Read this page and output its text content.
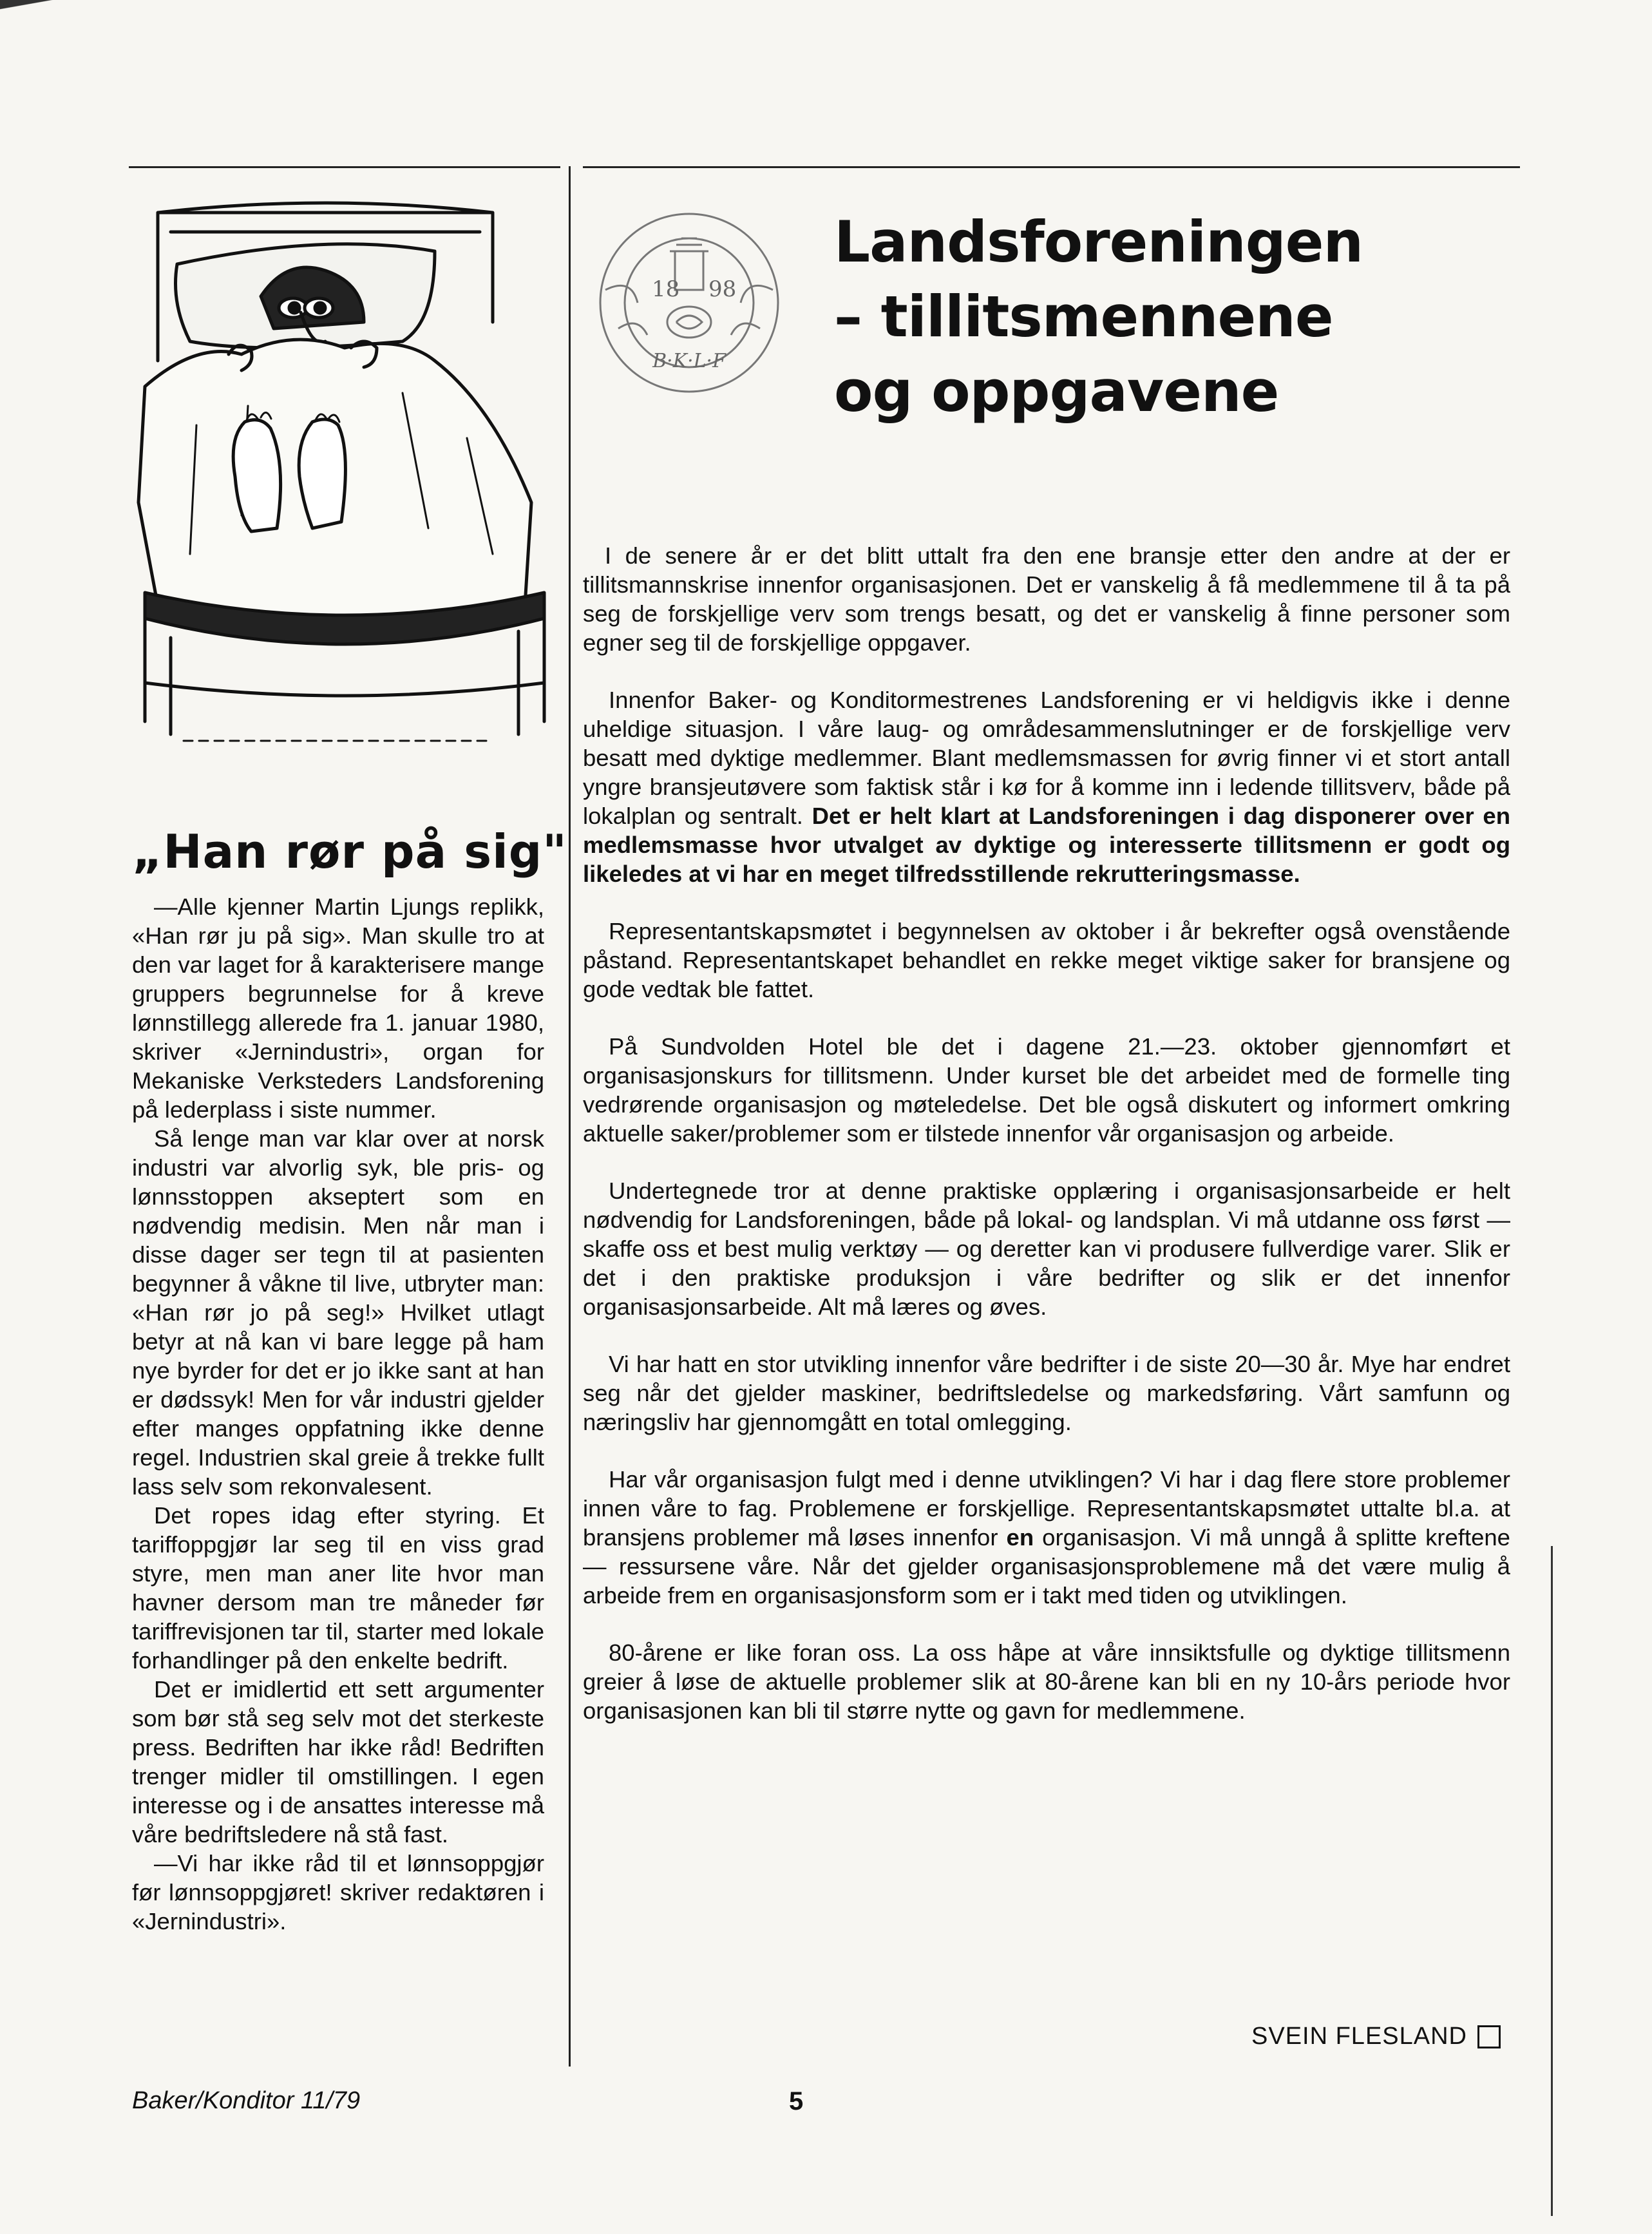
„Han rør på sig"

—Alle kjenner Martin Ljungs replikk, «Han rør ju på sig». Man skulle tro at den var laget for å karakterisere mange gruppers begrunnelse for å kreve lønnstillegg allerede fra 1. januar 1980, skriver «Jernindustri», organ for Mekaniske Verksteders Landsforening på lederplass i siste nummer.

Så lenge man var klar over at norsk industri var alvorlig syk, ble pris- og lønnsstoppen akseptert som en nødvendig medisin. Men når man i disse dager ser tegn til at pasienten begynner å våkne til live, utbryter man: «Han rør jo på seg!» Hvilket utlagt betyr at nå kan vi bare legge på ham nye byrder for det er jo ikke sant at han er dødssyk! Men for vår industri gjelder efter manges oppfatning ikke denne regel. Industrien skal greie å trekke fullt lass selv som rekonvalesent.

Det ropes idag efter styring. Et tariffoppgjør lar seg til en viss grad styre, men man aner lite hvor man havner dersom man tre måneder før tariffrevisjonen tar til, starter med lokale forhandlinger på den enkelte bedrift.

Det er imidlertid ett sett argumenter som bør stå seg selv mot det sterkeste press. Bedriften har ikke råd! Bedriften trenger midler til omstillingen. I egen interesse og i de ansattes interesse må våre bedriftsledere nå stå fast.

—Vi har ikke råd til et lønnsoppgjør før lønnsoppgjøret! skriver redaktøren i «Jernindustri».

18 98
B·K·L·F
Landsforeningen
– tillitsmennene
og oppgavene

I de senere år er det blitt uttalt fra den ene bransje etter den andre at der er tillitsmannskrise innenfor organisasjonen. Det er vanskelig å få medlemmene til å ta på seg de forskjellige verv som trengs besatt, og det er vanskelig å finne personer som egner seg til de forskjellige oppgaver.

Innenfor Baker- og Konditormestrenes Landsforening er vi heldigvis ikke i denne uheldige situasjon. I våre laug- og områdesammenslutninger er de forskjellige verv besatt med dyktige medlemmer. Blant medlemsmassen for øvrig finner vi et stort antall yngre bransjeutøvere som faktisk står i kø for å komme inn i ledende tillitsverv, både på lokalplan og sentralt. Det er helt klart at Landsforeningen i dag disponerer over en medlemsmasse hvor utvalget av dyktige og interesserte tillitsmenn er godt og likeledes at vi har en meget tilfredsstillende rekrutteringsmasse.

Representantskapsmøtet i begynnelsen av oktober i år bekrefter også ovenstående påstand. Representantskapet behandlet en rekke meget viktige saker for bransjene og gode vedtak ble fattet.

På Sundvolden Hotel ble det i dagene 21.—23. oktober gjennomført et organisasjonskurs for tillitsmenn. Under kurset ble det arbeidet med de formelle ting vedrørende organisasjon og møteledelse. Det ble også diskutert og informert omkring aktuelle saker/problemer som er tilstede innenfor vår organisasjon og arbeide.

Undertegnede tror at denne praktiske opplæring i organisasjonsarbeide er helt nødvendig for Landsforeningen, både på lokal- og landsplan. Vi må utdanne oss først — skaffe oss et best mulig verktøy — og deretter kan vi produsere fullverdige varer. Slik er det i den praktiske produksjon i våre bedrifter og slik er det innenfor organisasjonsarbeide. Alt må læres og øves.

Vi har hatt en stor utvikling innenfor våre bedrifter i de siste 20—30 år. Mye har endret seg når det gjelder maskiner, bedriftsledelse og markedsføring. Vårt samfunn og næringsliv har gjennomgått en total omlegging.

Har vår organisasjon fulgt med i denne utviklingen? Vi har i dag flere store problemer innen våre to fag. Problemene er forskjellige. Representantskapsmøtet uttalte bl.a. at bransjens problemer må løses innenfor en organisasjon. Vi må unngå å splitte kreftene — ressursene våre. Når det gjelder organisasjonsproblemene må det være mulig å arbeide frem en organisasjonsform som er i takt med tiden og utviklingen.

80-årene er like foran oss. La oss håpe at våre innsiktsfulle og dyktige tillitsmenn greier å løse de aktuelle problemer slik at 80-årene kan bli en ny 10-års periode hvor organisasjonen kan bli til større nytte og gavn for medlemmene.

SVEIN FLESLAND
Baker/Konditor 11/79	5
